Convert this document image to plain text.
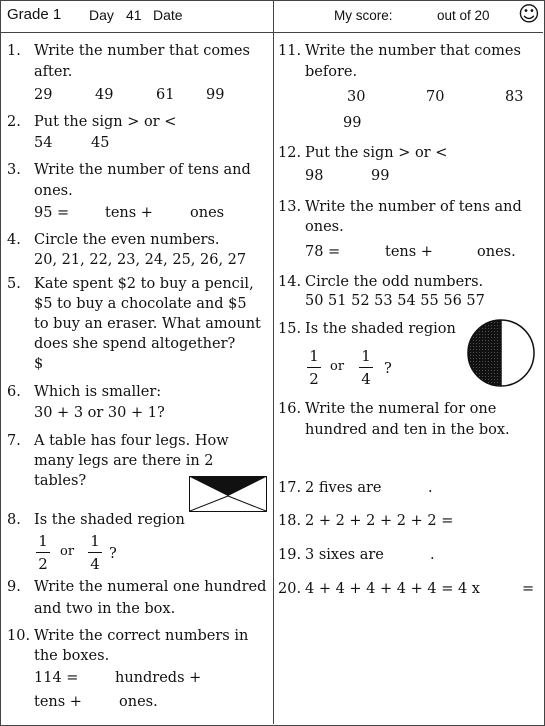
Grade 1 Day 41 Date	My score:	out of 20 ☺
1. Write the number that comes
after.
29	49	61 99
2. Put the sign > or <
54	45
3. Write the number of tens and
ones.
95 = tens +	ones
4. Circle the even numbers.
20, 21, 22, 23, 24, 25, 26, 27
5. Kate spent $2 to buy a pencil,
$5 to buy a chocolate and $5
to buy an eraser. What amount
does she spend altogether?
$
6. Which is smaller:
30 + 3 or 30 + 1?
7. A table has four legs. How
many legs are there in 2
tables?
8. Is the shaded region
1
2
or
1
4
?
9. Write the numeral one hundred
and two in the box.
10. Write the correct numbers in
the boxes.
114 =	hundreds +
tens +	ones.
11. Write the number that comes
before.
30	70	83
99
12. Put the sign > or <
98	99
13. Write the number of tens and
ones.
78 =	tens +	ones.
14. Circle the odd numbers.
50 51 52 53 54 55 56 57
15. Is the shaded region
1
2
or
1
4
?
16. Write the numeral for one
hundred and ten in the box.
17. 2 fives are	.
18. 2 + 2 + 2 + 2 + 2 =
19. 3 sixes are	.
20. 4 + 4 + 4 + 4 + 4 = 4 x	=
